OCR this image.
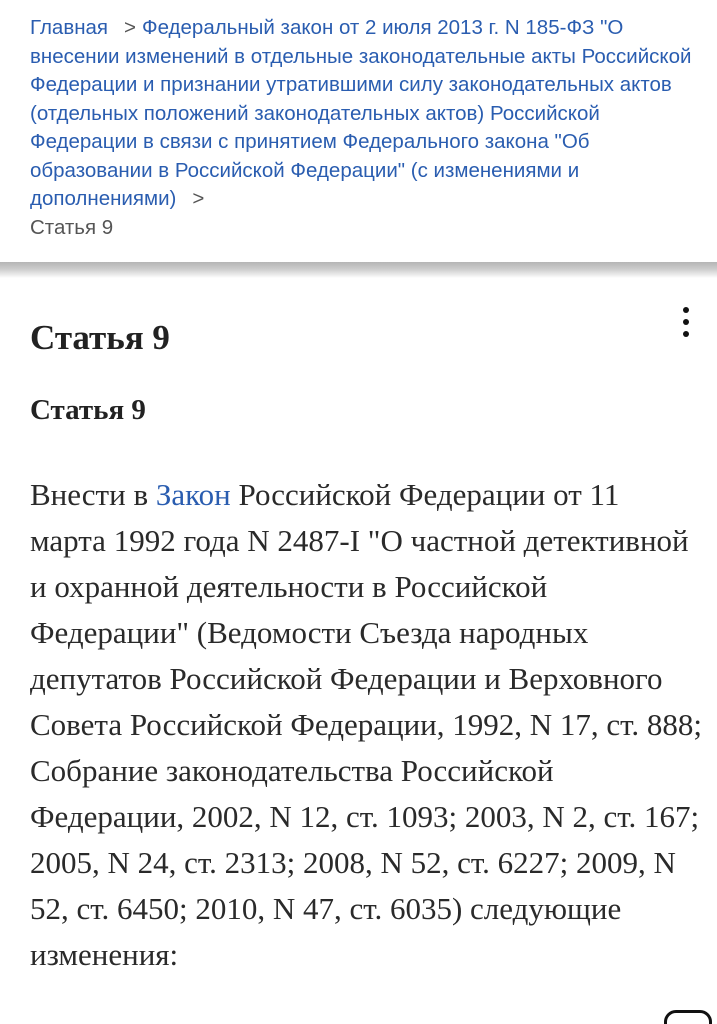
Главная > Федеральный закон от 2 июля 2013 г. N 185-ФЗ "О внесении изменений в отдельные законодательные акты Российской Федерации и признании утратившими силу законодательных актов (отдельных положений законодательных актов) Российской Федерации в связи с принятием Федерального закона "Об образовании в Российской Федерации" (с изменениями и дополнениями) >
Статья 9
Статья 9
Статья 9

Внести в Закон Российской Федерации от 11 марта 1992 года N 2487-I "О частной детективной и охранной деятельности в Российской Федерации" (Ведомости Съезда народных депутатов Российской Федерации и Верховного Совета Российской Федерации, 1992, N 17, ст. 888; Собрание законодательства Российской Федерации, 2002, N 12, ст. 1093; 2003, N 2, ст. 167; 2005, N 24, ст. 2313; 2008, N 52, ст. 6227; 2009, N 52, ст. 6450; 2010, N 47, ст. 6035) следующие изменения:
